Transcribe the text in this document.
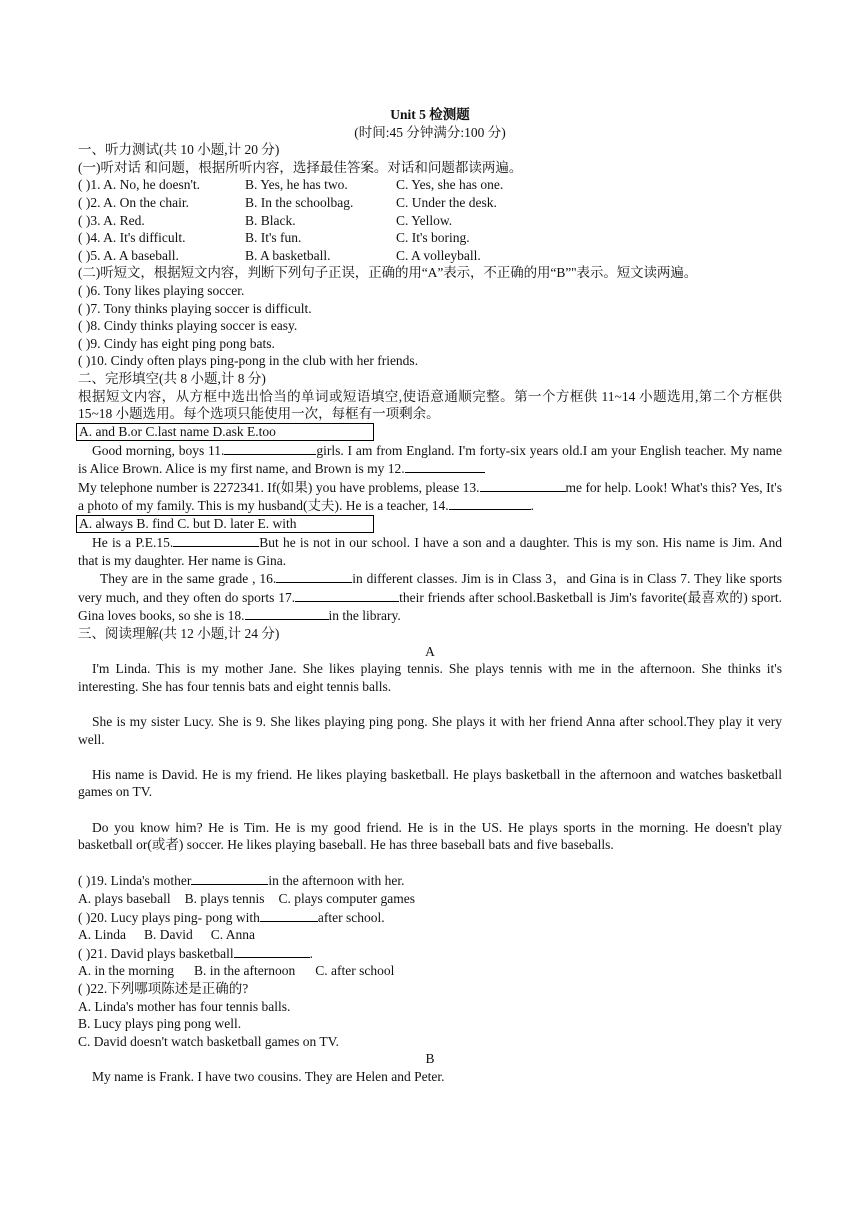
Unit 5 检测题
(时间:45 分钟满分:100 分)
一、听力测试(共 10 小题,计 20 分)
(一)听对话 和问题，根据所听内容，选择最佳答案。对话和问题都读两遍。
( )1. A. No, he doesn't.	B. Yes, he has two.	C. Yes, she has one.
( )2. A. On the chair.	B. In the schoolbag.	C. Under the desk.
( )3. A. Red.	B. Black.	C. Yellow.
( )4. A. It's difficult.	B. It's fun.	C. It's boring.
( )5. A. A baseball.	B. A basketball.	C. A volleyball.
(二)听短文，根据短文内容，判断下列句子正误，正确的用“A”表示，不正确的用“B”"表示。短文读两遍。
( )6. Tony likes playing soccer.
( )7. Tony thinks playing soccer is difficult.
( )8. Cindy thinks playing soccer is easy.
( )9. Cindy has eight ping pong bats.
( )10. Cindy often plays ping-pong in the club with her friends.
二、完形填空(共 8 小题,计 8 分)
根据短文内容，从方框中选出恰当的单词或短语填空,使语意通顺完整。第一个方框供 11~14 小题选用,第二个方框供 15~18 小题选用。每个选项只能使用一次，每框有一项剩余。
A. and B.or C.last name D.ask E.too
Good morning, boys 11.	girls. I am from England. I'm forty-six years old.I am your English teacher. My name is Alice Brown. Alice is my first name, and Brown is my 12.
My telephone number is 2272341. If(如果) you have problems, please 13.	me for help. Look! What's this? Yes, It's a photo of my family. This is my husband(丈夫). He is a teacher, 14.	.
A. always B. find C. but D. later E. with
He is a P.E.15.	But he is not in our school. I have a son and a daughter. This is my son. His name is Jim. And that is my daughter. Her name is Gina.
They are in the same grade , 16.	in different classes. Jim is in Class 3，and Gina is in Class 7. They like sports very much, and they often do sports 17.	their friends after school.Basketball is Jim's favorite(最喜欢的) sport. Gina loves books, so she is 18.	in the library.
三、阅读理解(共 12 小题,计 24 分)
A
I'm Linda. This is my mother Jane. She likes playing tennis. She plays tennis with me in the afternoon. She thinks it's interesting. She has four tennis bats and eight tennis balls.
She is my sister Lucy. She is 9. She likes playing ping pong. She plays it with her friend Anna after school.They play it very well.
His name is David. He is my friend. He likes playing basketball. He plays basketball in the afternoon and watches basketball games on TV.
Do you know him? He is Tim. He is my good friend. He is in the US. He plays sports in the morning. He doesn't play basketball or(或者) soccer. He likes playing baseball. He has three baseball bats and five baseballs.
( )19. Linda's mother	in the afternoon with her.
A. plays baseball B. plays tennis C. plays computer games
( )20. Lucy plays ping- pong with	after school.
A. Linda B. David C. Anna
( )21. David plays basketball	.
A. in the morning B. in the afternoon C. after school
( )22.下列哪项陈述是正确的?
A. Linda's mother has four tennis balls.
B. Lucy plays ping pong well.
C. David doesn't watch basketball games on TV.
B
My name is Frank. I have two cousins. They are Helen and Peter.
